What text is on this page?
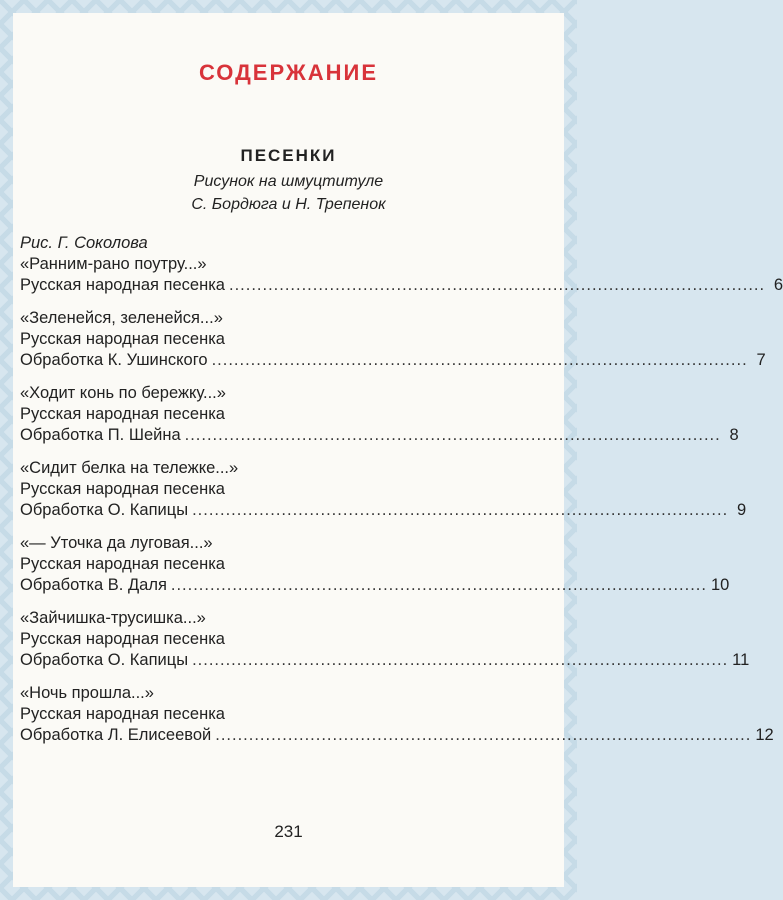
СОДЕРЖАНИЕ
ПЕСЕНКИ
Рисунок на шмуцтитуле
С. Бордюга и Н. Трепенок
Рис. Г. Соколова
«Ранним-рано поутру...»
Русская народная песенка ................................................................................................ 6
«Зеленейся, зеленейся...»
Русская народная песенка
Обработка К. Ушинского ................................................................................................ 7
«Ходит конь по бережку...»
Русская народная песенка
Обработка П. Шейна ................................................................................................ 8
«Сидит белка на тележке...»
Русская народная песенка
Обработка О. Капицы ................................................................................................ 9
«— Уточка да луговая...»
Русская народная песенка
Обработка В. Даля ................................................................................................ 10
«Зайчишка-трусишка...»
Русская народная песенка
Обработка О. Капицы ................................................................................................ 11
«Ночь прошла...»
Русская народная песенка
Обработка Л. Елисеевой ................................................................................................ 12
231
